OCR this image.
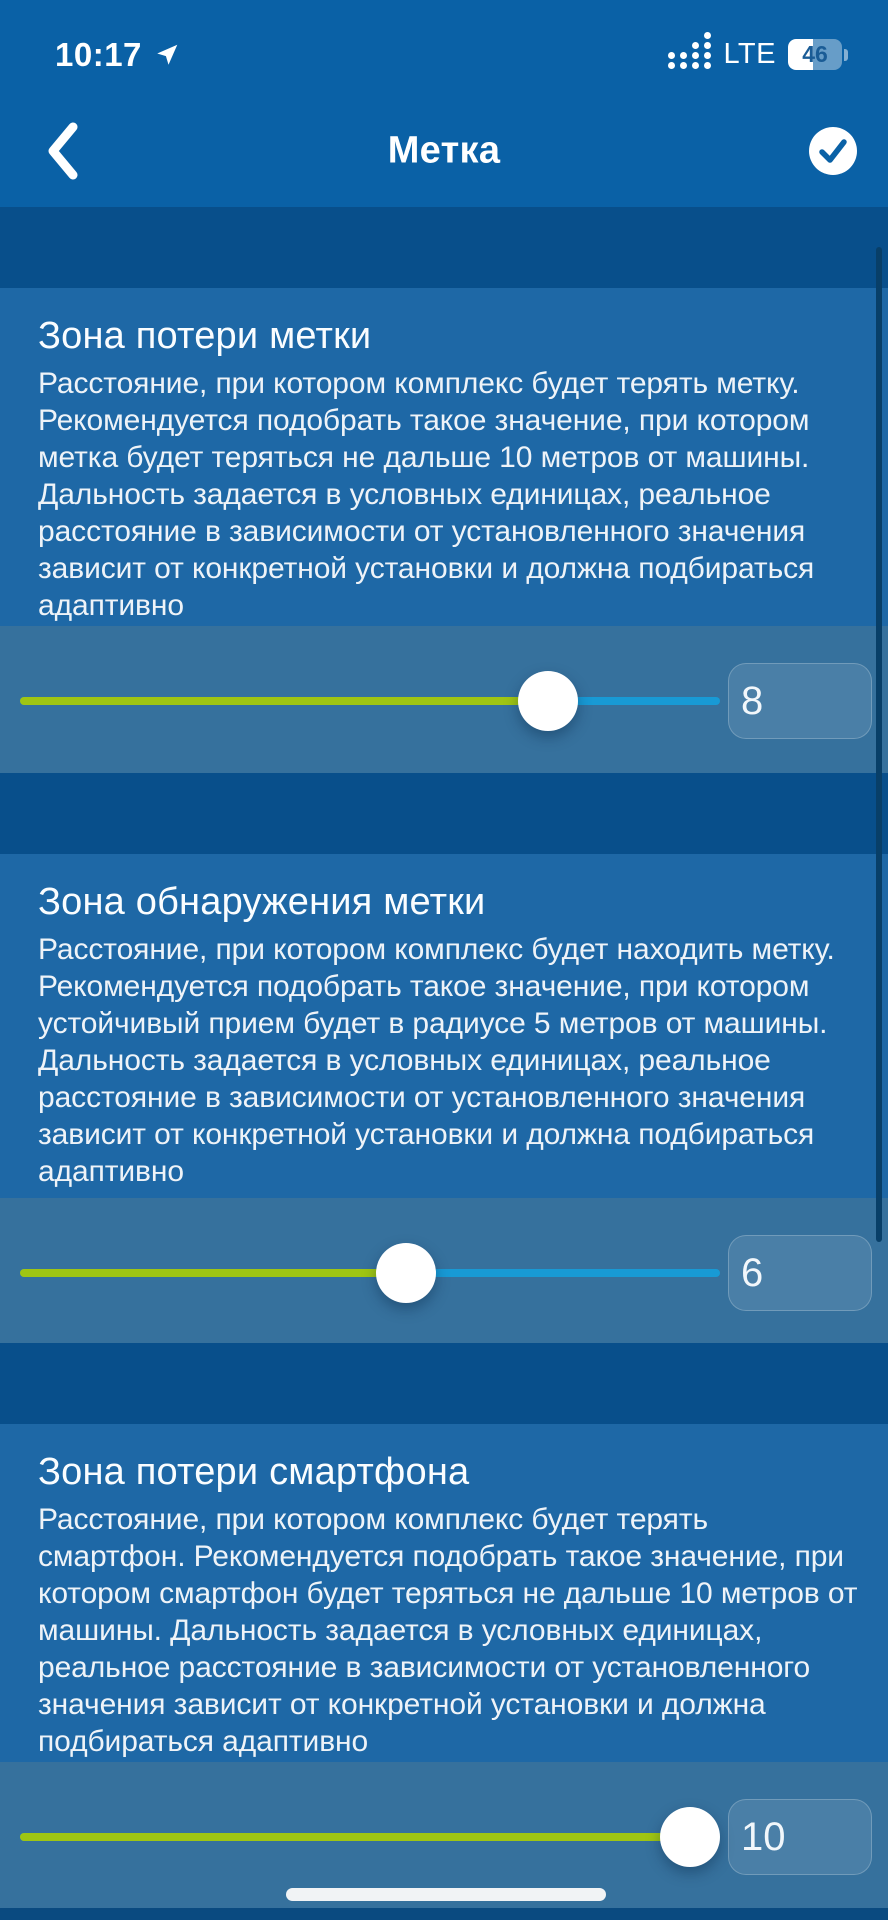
10:17	LTE	46
Метка
Зона потери метки
Расстояние, при котором комплекс будет терять метку. Рекомендуется подобрать такое значение, при котором метка будет теряться не дальше 10 метров от машины. Дальность задается в условных единицах, реальное расстояние в зависимости от установленного значения зависит от конкретной установки и должна подбираться адаптивно
8
Зона обнаружения метки
Расстояние, при котором комплекс будет находить метку. Рекомендуется подобрать такое значение, при котором устойчивый прием будет в радиусе 5 метров от машины. Дальность задается в условных единицах, реальное расстояние в зависимости от установленного значения зависит от конкретной установки и должна подбираться адаптивно
6
Зона потери смартфона
Расстояние, при котором комплекс будет терять смартфон. Рекомендуется подобрать такое значение, при котором смартфон будет теряться не дальше 10 метров от машины. Дальность задается в условных единицах, реальное расстояние в зависимости от установленного значения зависит от конкретной установки и должна подбираться адаптивно
10
